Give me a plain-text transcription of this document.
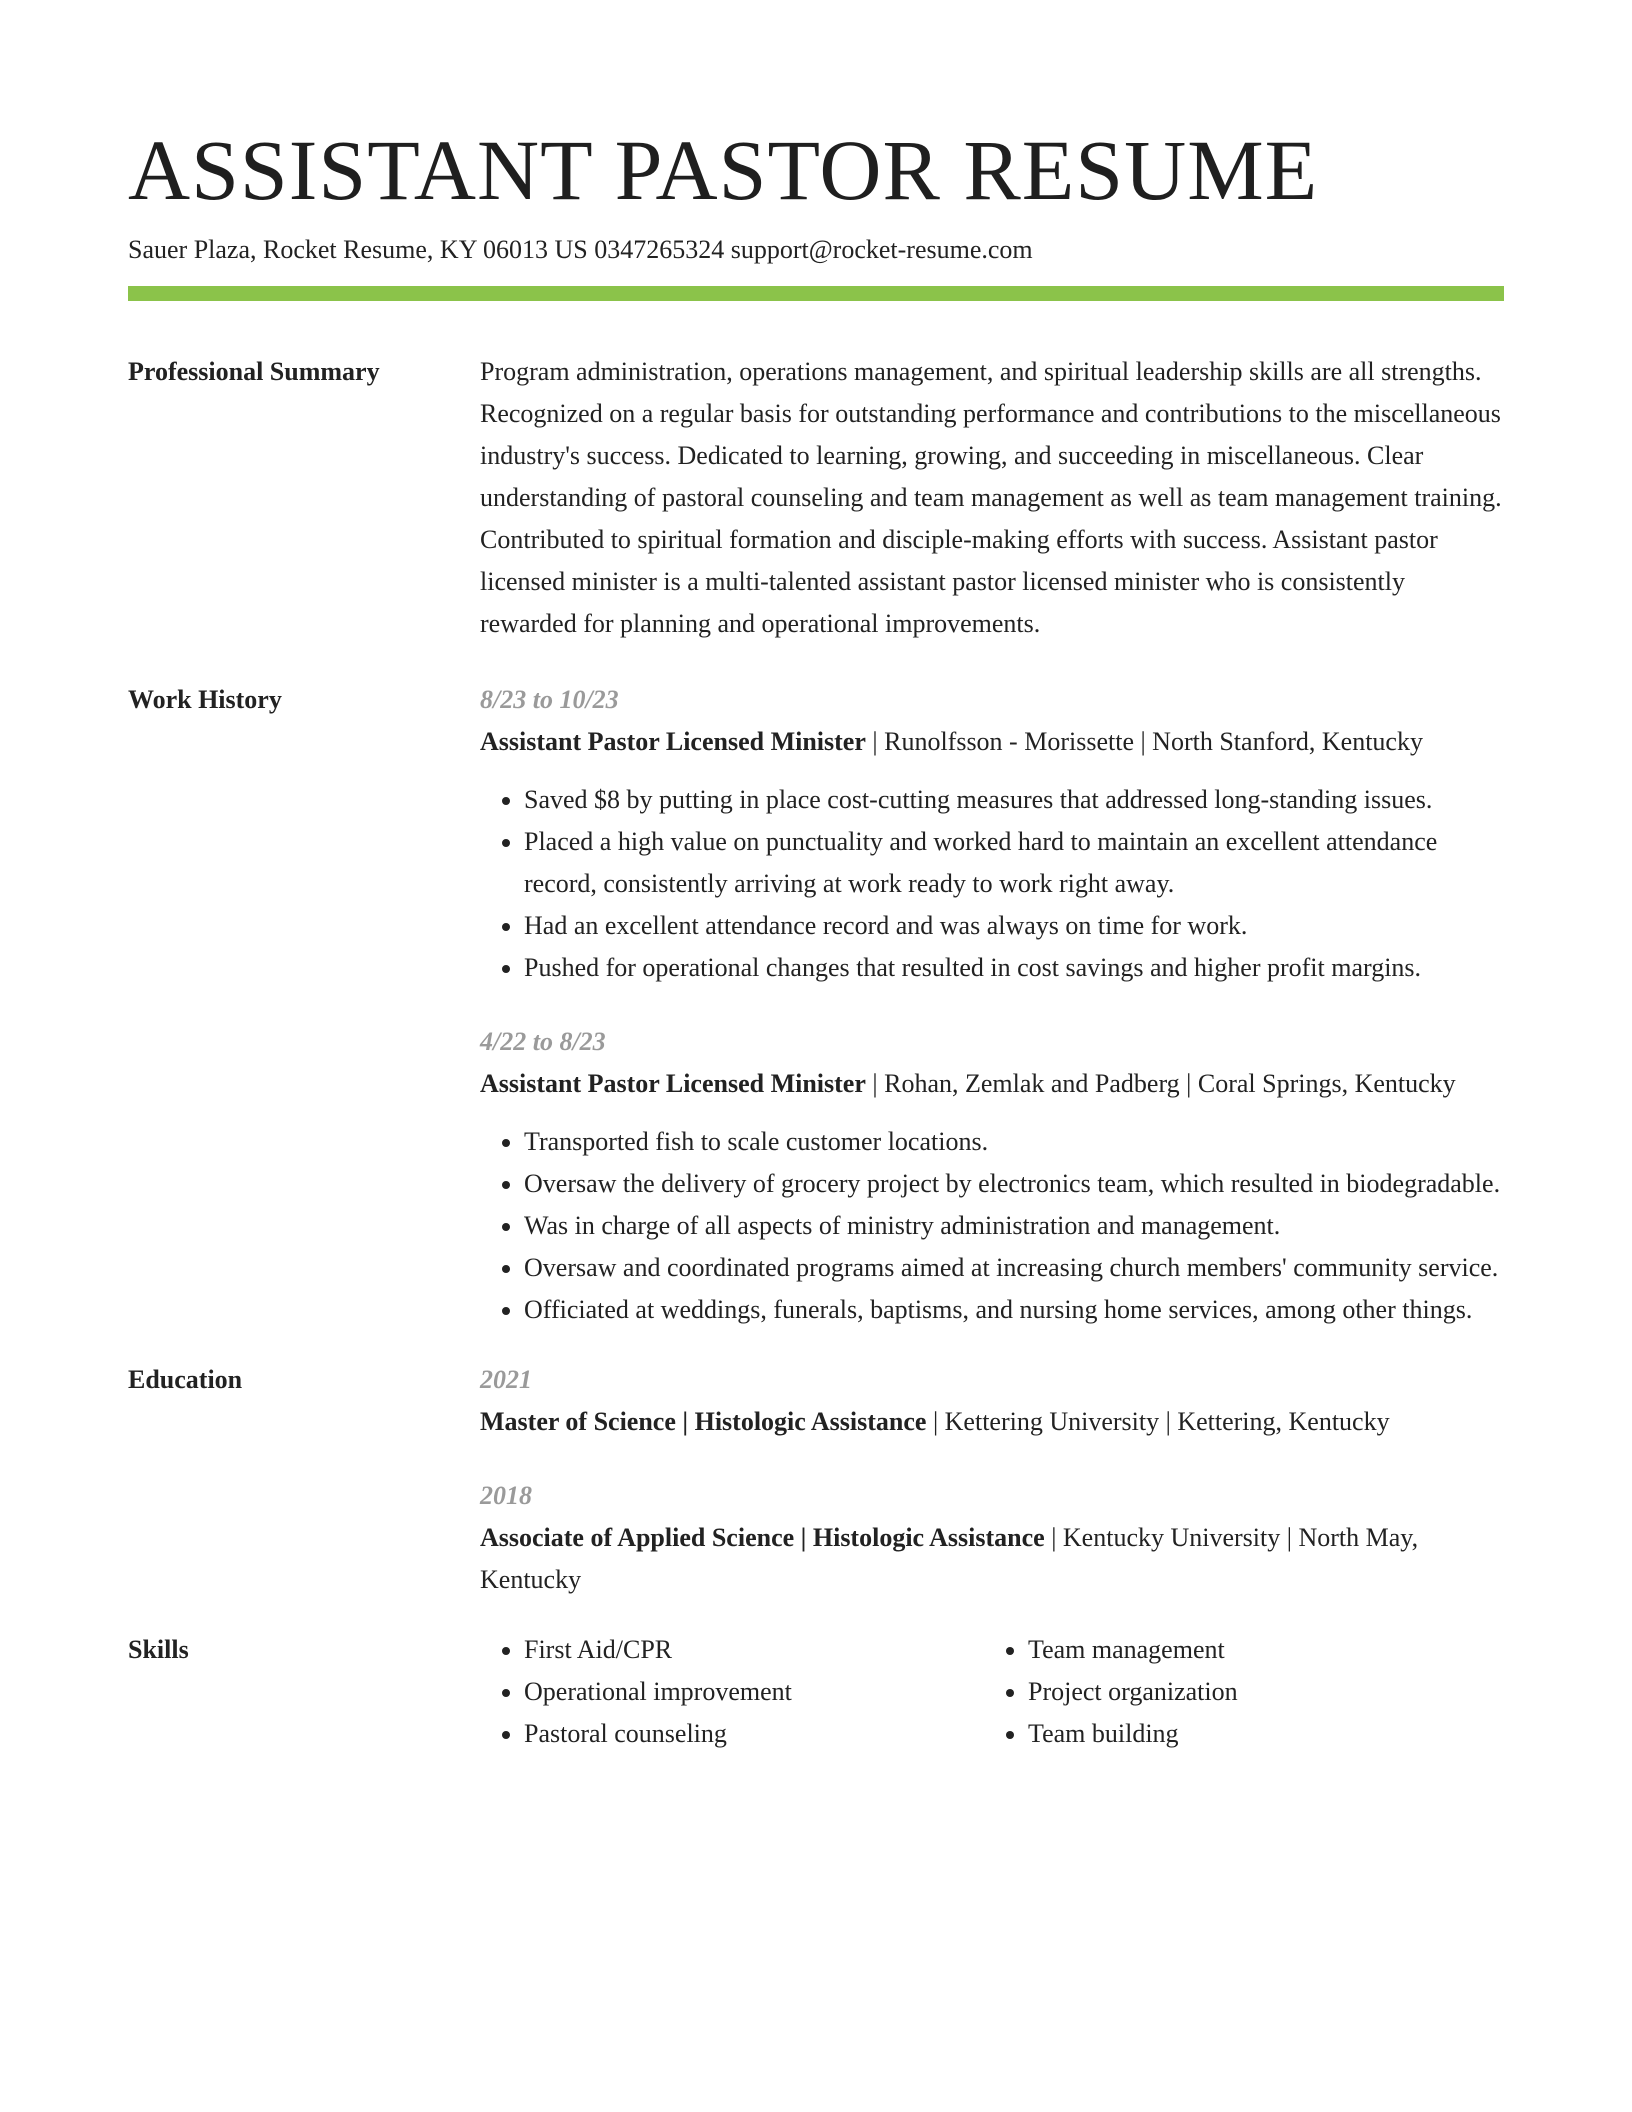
ASSISTANT PASTOR RESUME
Sauer Plaza, Rocket Resume, KY 06013 US 0347265324 support@rocket-resume.com
Professional Summary	Program administration, operations management, and spiritual leadership skills are all strengths. Recognized on a regular basis for outstanding performance and contributions to the miscellaneous industry's success. Dedicated to learning, growing, and succeeding in miscellaneous. Clear understanding of pastoral counseling and team management as well as team management training. Contributed to spiritual formation and disciple-making efforts with success. Assistant pastor licensed minister is a multi-talented assistant pastor licensed minister who is consistently rewarded for planning and operational improvements.
Work History	8/23 to 10/23
Assistant Pastor Licensed Minister | Runolfsson - Morissette | North Stanford, Kentucky
• Saved $8 by putting in place cost-cutting measures that addressed long-standing issues.
• Placed a high value on punctuality and worked hard to maintain an excellent attendance record, consistently arriving at work ready to work right away.
• Had an excellent attendance record and was always on time for work.
• Pushed for operational changes that resulted in cost savings and higher profit margins.
4/22 to 8/23
Assistant Pastor Licensed Minister | Rohan, Zemlak and Padberg | Coral Springs, Kentucky
• Transported fish to scale customer locations.
• Oversaw the delivery of grocery project by electronics team, which resulted in biodegradable.
• Was in charge of all aspects of ministry administration and management.
• Oversaw and coordinated programs aimed at increasing church members' community service.
• Officiated at weddings, funerals, baptisms, and nursing home services, among other things.
Education	2021
Master of Science | Histologic Assistance | Kettering University | Kettering, Kentucky
2018
Associate of Applied Science | Histologic Assistance | Kentucky University | North May, Kentucky
Skills
•	First Aid/CPR
• Operational improvement
• Pastoral counseling
• Team management
• Project organization
• Team building
